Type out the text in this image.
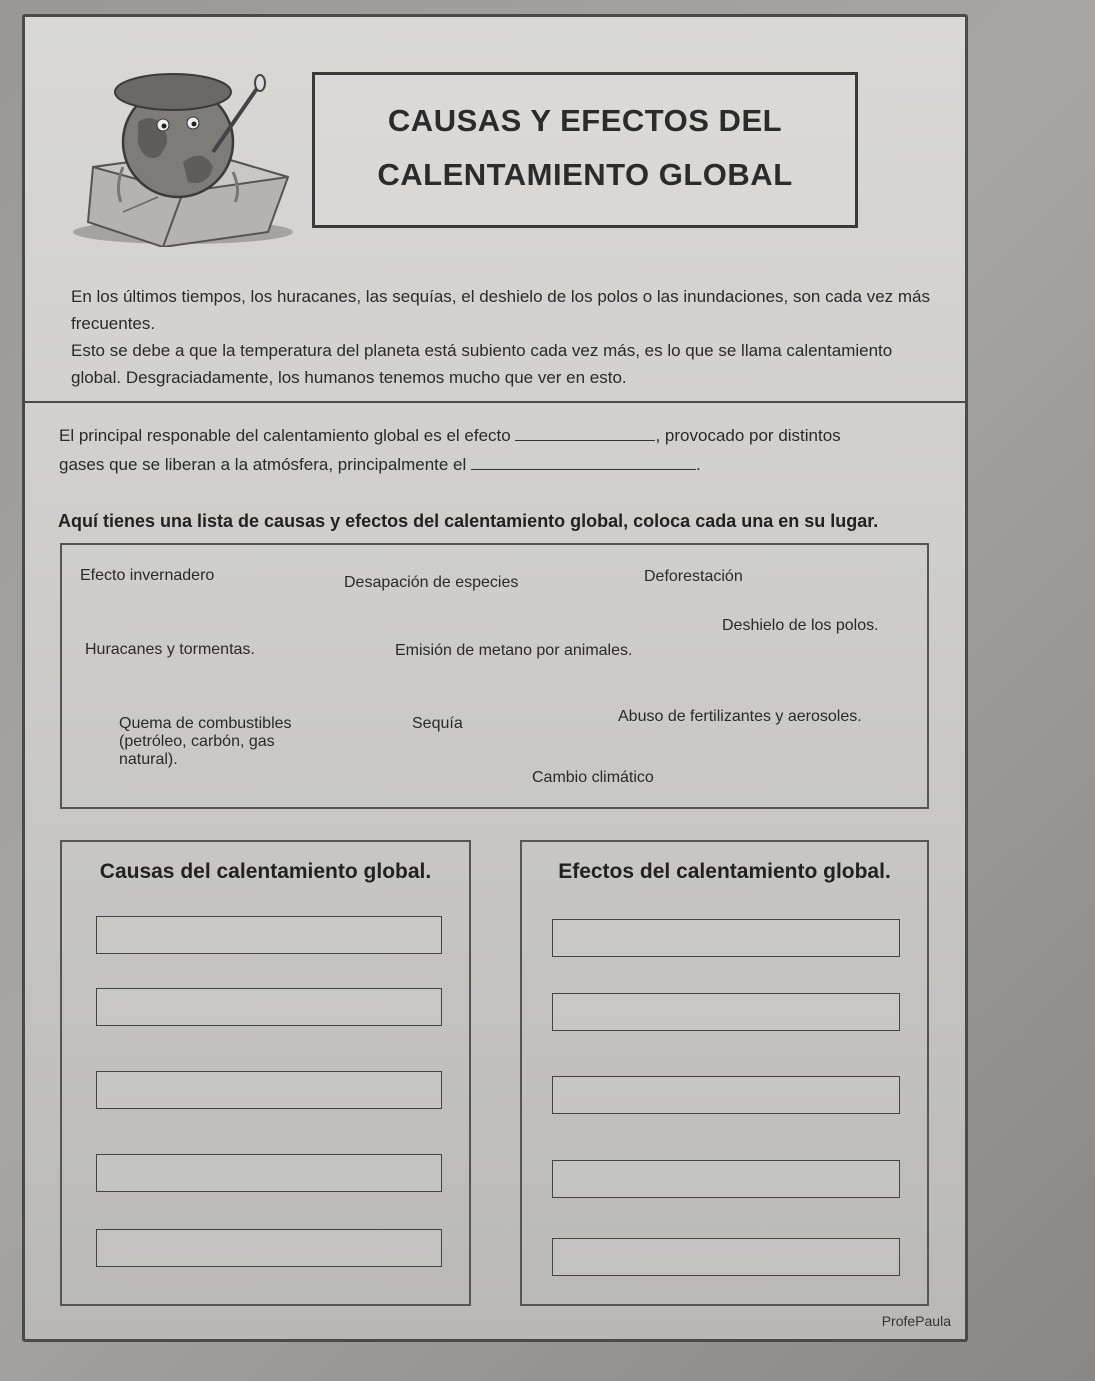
CAUSAS Y EFECTOS DEL
CALENTAMIENTO GLOBAL
En los últimos tiempos, los huracanes, las sequías, el deshielo de los polos o las inundaciones, son cada vez más frecuentes.
Esto se debe a que la temperatura del planeta está subiento cada vez más, es lo que se llama calentamiento global. Desgraciadamente, los humanos tenemos mucho que ver en esto.
El principal responable del calentamiento global es el efecto	, provocado por distintos
gases que se liberan a la atmósfera, principalmente el	.
Aquí tienes una lista de causas y efectos del calentamiento global, coloca cada una en su lugar.
Efecto invernadero	Desapación de especies	Deforestación
Deshielo de los polos.
Huracanes y tormentas.	Emisión de metano por animales.
Quema de combustibles
(petróleo, carbón, gas
natural).
Sequía	Abuso de fertilizantes y aerosoles.
Cambio climático
Causas del calentamiento global.	Efectos del calentamiento global.
ProfePaula
